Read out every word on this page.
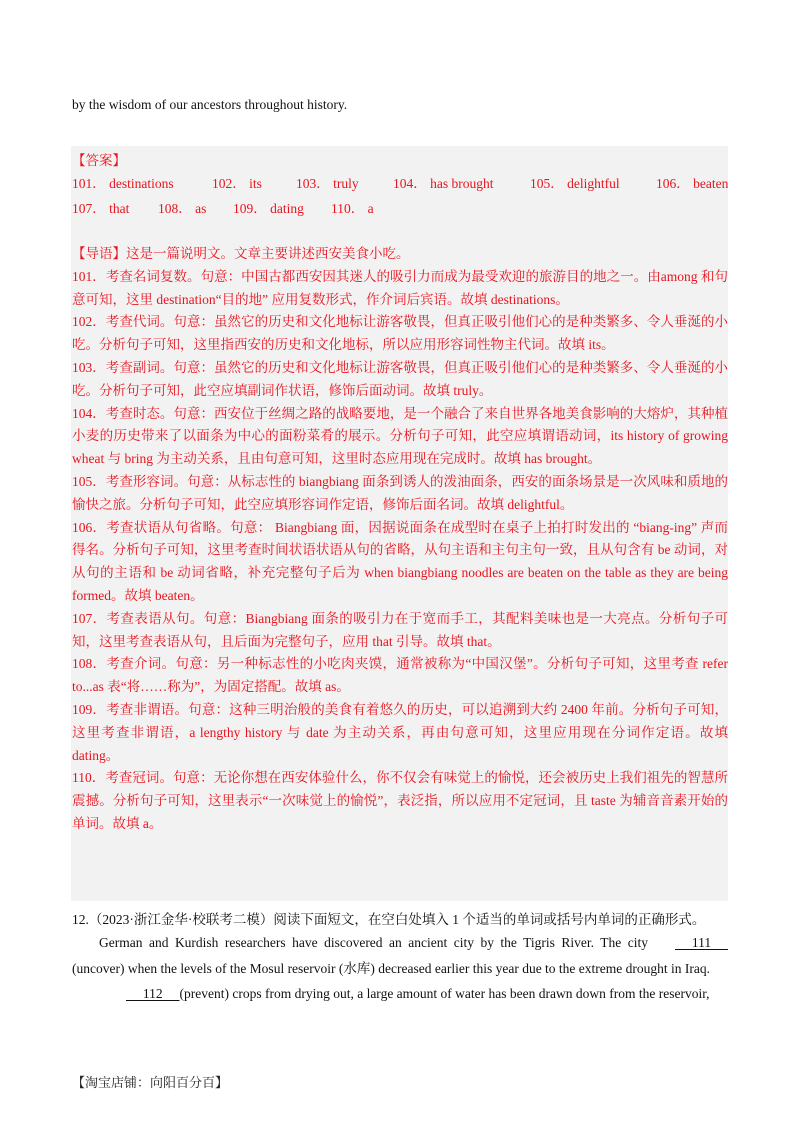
by the wisdom of our ancestors throughout history.
【答案】
101． destinations	102． its	103． truly	104． has brought	105． delightful	106． beaten
107． that 108． as 109． dating 110． a

【导语】这是一篇说明文。文章主要讲述西安美食小吃。

101．考查名词复数。句意：中国古都西安因其迷人的吸引力而成为最受欢迎的旅游目的地之一。由among 和句意可知，这里 destination“目的地” 应用复数形式，作介词后宾语。故填 destinations。

102．考查代词。句意：虽然它的历史和文化地标让游客敬畏，但真正吸引他们心的是种类繁多、令人垂涎的小吃。分析句子可知，这里指西安的历史和文化地标，所以应用形容词性物主代词。故填 its。

103．考查副词。句意：虽然它的历史和文化地标让游客敬畏，但真正吸引他们心的是种类繁多、令人垂涎的小吃。分析句子可知，此空应填副词作状语，修饰后面动词。故填 truly。

104．考查时态。句意：西安位于丝绸之路的战略要地，是一个融合了来自世界各地美食影响的大熔炉，其种植小麦的历史带来了以面条为中心的面粉菜肴的展示。分析句子可知，此空应填谓语动词，its history of growing wheat 与 bring 为主动关系，且由句意可知，这里时态应用现在完成时。故填 has brought。

105．考查形容词。句意：从标志性的 biangbiang 面条到诱人的泼油面条，西安的面条场景是一次风味和质地的愉快之旅。分析句子可知，此空应填形容词作定语，修饰后面名词。故填 delightful。

106．考查状语从句省略。句意： Biangbiang 面，因据说面条在成型时在桌子上拍打时发出的 “biang-ing” 声而得名。分析句子可知，这里考查时间状语状语从句的省略，从句主语和主句主句一致，且从句含有 be 动词，对从句的主语和 be 动词省略，补充完整句子后为 when biangbiang noodles are beaten on the table as they are being formed。故填 beaten。

107．考查表语从句。句意：Biangbiang 面条的吸引力在于宽而手工，其配料美味也是一大亮点。分析句子可知，这里考查表语从句，且后面为完整句子，应用 that 引导。故填 that。

108．考查介词。句意：另一种标志性的小吃肉夹馍，通常被称为“中国汉堡”。分析句子可知，这里考查 refer to...as 表“将……称为”，为固定搭配。故填 as。

109．考查非谓语。句意：这种三明治般的美食有着悠久的历史，可以追溯到大约 2400 年前。分析句子可知，这里考查非谓语，a lengthy history 与 date 为主动关系，再由句意可知，这里应用现在分词作定语。故填 dating。

110．考查冠词。句意：无论你想在西安体验什么，你不仅会有味觉上的愉悦，还会被历史上我们祖先的智慧所震撼。分析句子可知，这里表示“一次味觉上的愉悦”，表泛指，所以应用不定冠词，且 taste 为辅音音素开始的单词。故填 a。

12.（2023·浙江金华·校联考二模）阅读下面短文，在空白处填入 1 个适当的单词或括号内单词的正确形式。

German and Kurdish researchers have discovered an ancient city by the Tigris River. The city     111      (uncover) when the levels of the Mosul reservoir (水库) decreased earlier this year due to the extreme drought in Iraq.

112     (prevent) crops from drying out, a large amount of water has been drawn down from the reservoir,

【淘宝店铺：向阳百分百】
